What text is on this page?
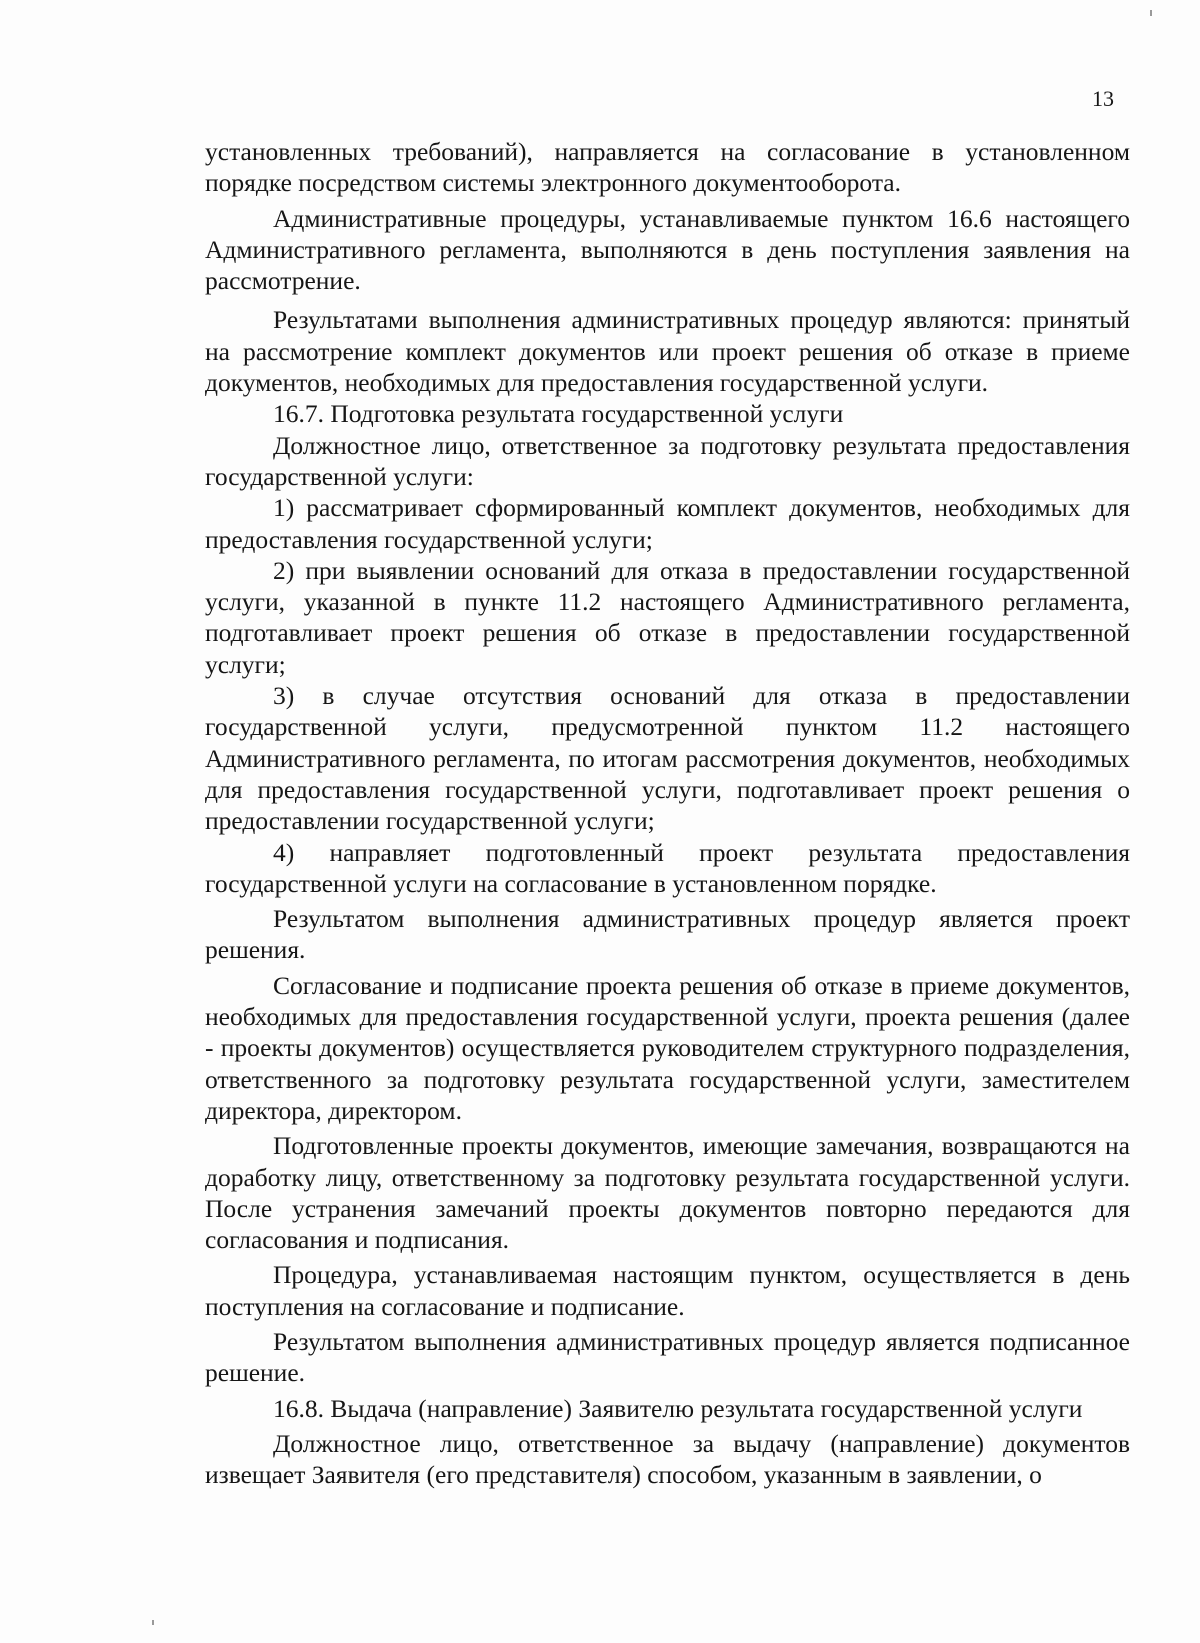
13

установленных требований), направляется на согласование в установленном порядке посредством системы электронного документооборота.

Административные процедуры, устанавливаемые пунктом 16.6 настоящего Административного регламента, выполняются в день поступления заявления на рассмотрение.

Результатами выполнения административных процедур являются: принятый на рассмотрение комплект документов или проект решения об отказе в приеме документов, необходимых для предоставления государственной услуги.

16.7. Подготовка результата государственной услуги

Должностное лицо, ответственное за подготовку результата предоставления государственной услуги:

1) рассматривает сформированный комплект документов, необходимых для предоставления государственной услуги;

2) при выявлении оснований для отказа в предоставлении государственной услуги, указанной в пункте 11.2 настоящего Административного регламента, подготавливает проект решения об отказе в предоставлении государственной услуги;

3) в случае отсутствия оснований для отказа в предоставлении государственной услуги, предусмотренной пунктом 11.2 настоящего Административного регламента, по итогам рассмотрения документов, необходимых для предоставления государственной услуги, подготавливает проект решения о предоставлении государственной услуги;

4) направляет подготовленный проект результата предоставления государственной услуги на согласование в установленном порядке.

Результатом выполнения административных процедур является проект решения.

Согласование и подписание проекта решения об отказе в приеме документов, необходимых для предоставления государственной услуги, проекта решения (далее - проекты документов) осуществляется руководителем структурного подразделения, ответственного за подготовку результата государственной услуги, заместителем директора, директором.

Подготовленные проекты документов, имеющие замечания, возвращаются на доработку лицу, ответственному за подготовку результата государственной услуги. После устранения замечаний проекты документов повторно передаются для согласования и подписания.

Процедура, устанавливаемая настоящим пунктом, осуществляется в день поступления на согласование и подписание.

Результатом выполнения административных процедур является подписанное решение.

16.8. Выдача (направление) Заявителю результата государственной услуги

Должностное лицо, ответственное за выдачу (направление) документов извещает Заявителя (его представителя) способом, указанным в заявлении, о
